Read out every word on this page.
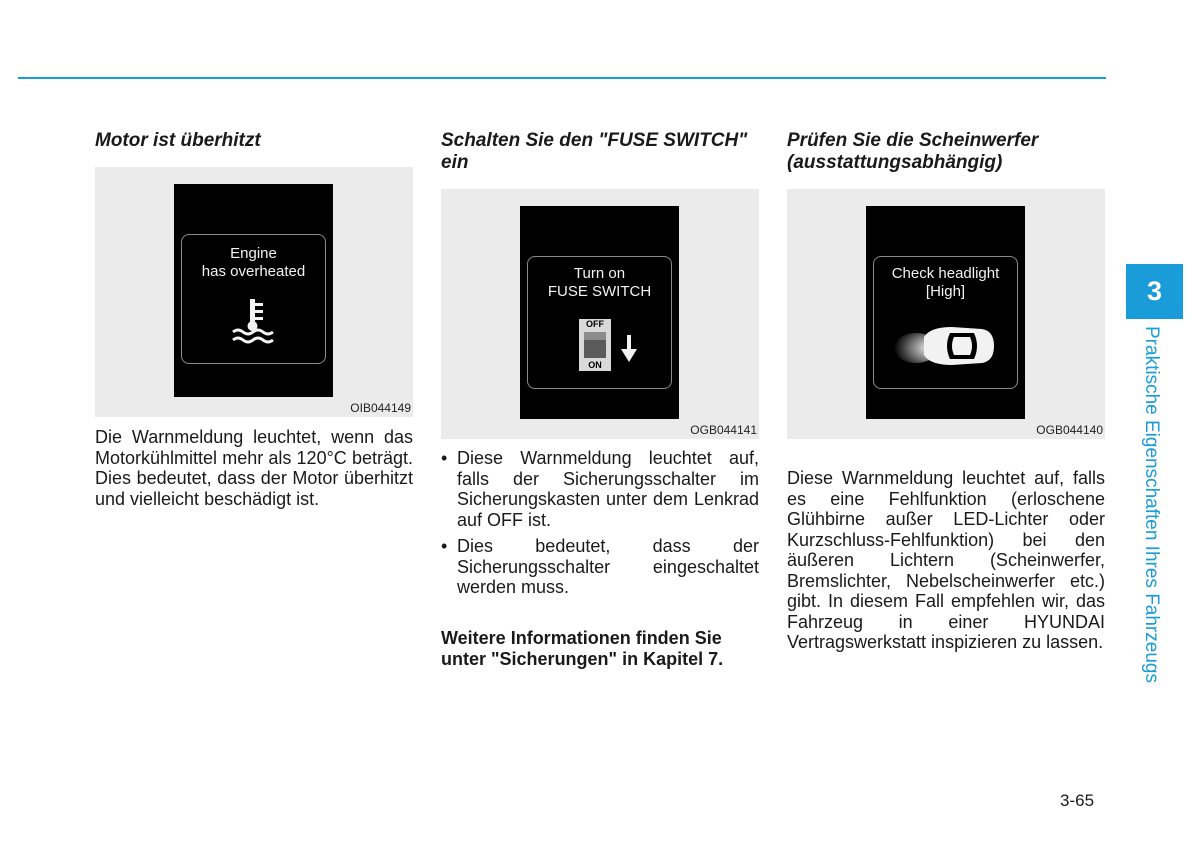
Motor ist überhitzt
Engine
has overheated
OIB044149

Die Warnmeldung leuchtet, wenn das Motorkühlmittel mehr als 120°C beträgt. Dies bedeutet, dass der Motor überhitzt und vielleicht beschädigt ist.

Schalten Sie den "FUSE SWITCH" ein
Turn on
FUSE SWITCH
OFF
ON
OGB044141
• Diese Warnmeldung leuchtet auf, falls der Sicherungsschalter im Sicherungskasten unter dem Lenkrad auf OFF ist.
• Dies bedeutet, dass der Sicherungsschalter eingeschaltet werden muss.

Weitere Informationen finden Sie unter "Sicherungen" in Kapitel 7.

Prüfen Sie die Scheinwerfer (ausstattungsabhängig)
Check headlight
[High]
OGB044140

Diese Warnmeldung leuchtet auf, falls es eine Fehlfunktion (erloschene Glühbirne außer LED-Lichter oder Kurzschluss-Fehlfunktion) bei den äußeren Lichtern (Scheinwerfer, Bremslichter, Nebelscheinwerfer etc.) gibt. In diesem Fall empfehlen wir, das Fahrzeug in einer HYUNDAI Vertragswerkstatt inspizieren zu lassen.

3
Praktische Eigenschaften Ihres Fahrzeugs
3-65
